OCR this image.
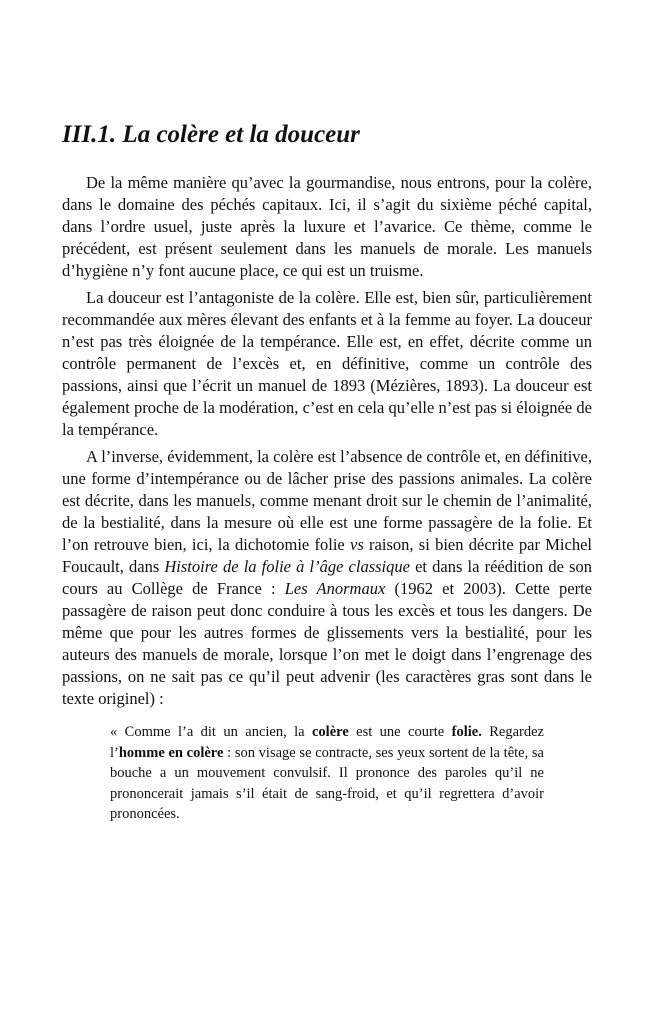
III.1. La colère et la douceur

De la même manière qu’avec la gourmandise, nous entrons, pour la colère, dans le domaine des péchés capitaux. Ici, il s’agit du sixième péché capital, dans l’ordre usuel, juste après la luxure et l’avarice. Ce thème, comme le précédent, est présent seulement dans les manuels de morale. Les manuels d’hygiène n’y font aucune place, ce qui est un truisme.

La douceur est l’antagoniste de la colère. Elle est, bien sûr, particulièrement recommandée aux mères élevant des enfants et à la femme au foyer. La douceur n’est pas très éloignée de la tempérance. Elle est, en effet, décrite comme un contrôle permanent de l’excès et, en définitive, comme un contrôle des passions, ainsi que l’écrit un manuel de 1893 (Mézières, 1893). La douceur est également proche de la modération, c’est en cela qu’elle n’est pas si éloignée de la tempérance.

A l’inverse, évidemment, la colère est l’absence de contrôle et, en définitive, une forme d’intempérance ou de lâcher prise des passions animales. La colère est décrite, dans les manuels, comme menant droit sur le chemin de l’animalité, de la bestialité, dans la mesure où elle est une forme passagère de la folie. Et l’on retrouve bien, ici, la dichotomie folie vs raison, si bien décrite par Michel Foucault, dans Histoire de la folie à l’âge classique et dans la réédition de son cours au Collège de France : Les Anormaux (1962 et 2003). Cette perte passagère de raison peut donc conduire à tous les excès et tous les dangers. De même que pour les autres formes de glissements vers la bestialité, pour les auteurs des manuels de morale, lorsque l’on met le doigt dans l’engrenage des passions, on ne sait pas ce qu’il peut advenir (les caractères gras sont dans le texte originel) :

« Comme l’a dit un ancien, la colère est une courte folie. Regardez l’homme en colère : son visage se contracte, ses yeux sortent de la tête, sa bouche a un mouvement convulsif. Il prononce des paroles qu’il ne prononcerait jamais s’il était de sang-froid, et qu’il regrettera d’avoir prononcées.
